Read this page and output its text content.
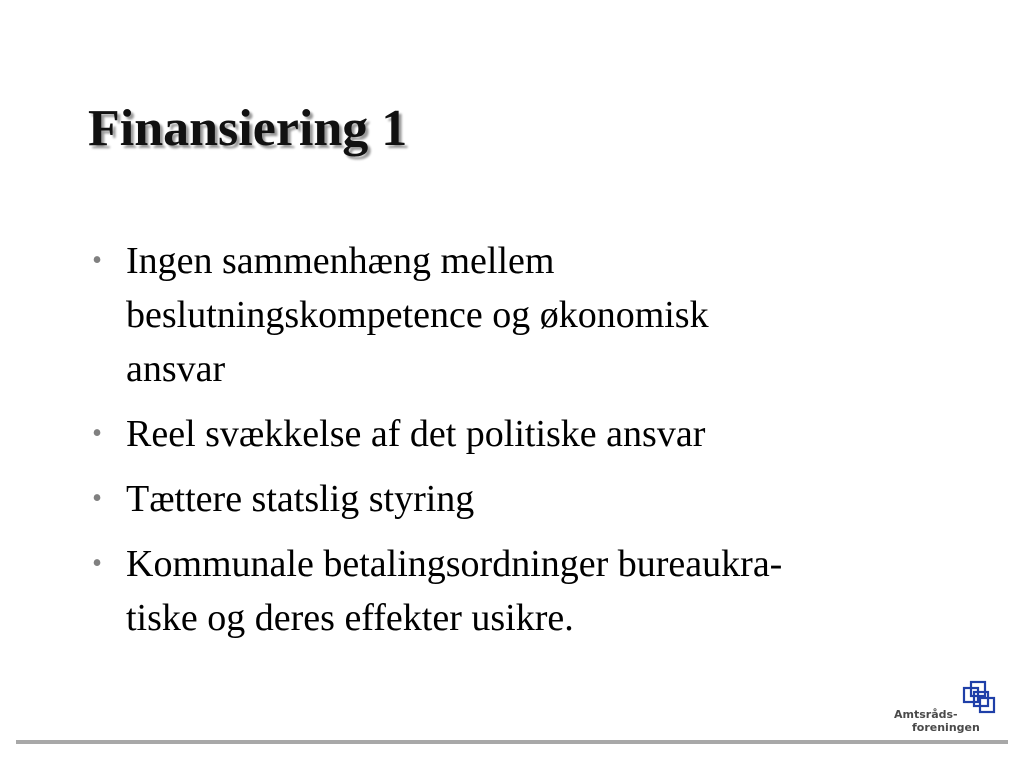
Finansiering 1
• Ingen sammenhæng mellem
beslutningskompetence og økonomisk
ansvar
• Reel svækkelse af det politiske ansvar
• Tættere statslig styring
• Kommunale betalingsordninger bureaukra-
tiske og deres effekter usikre.
Amtsråds-
foreningen
